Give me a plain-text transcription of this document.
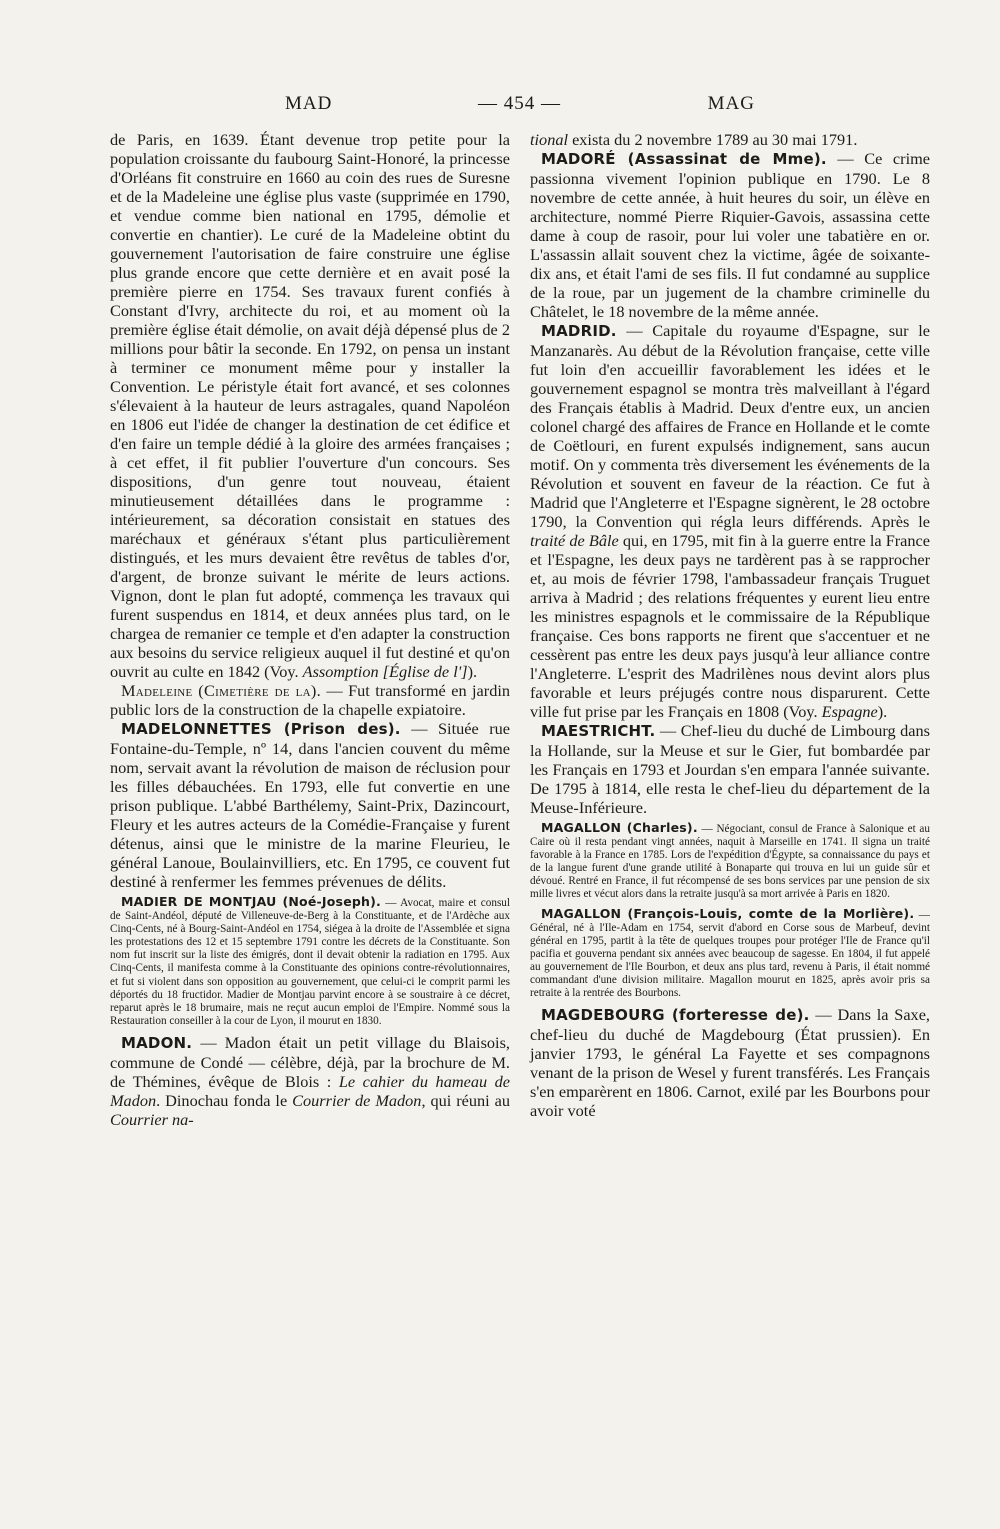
MAD	— 454 —	MAG

de Paris, en 1639. Étant devenue trop petite pour la population croissante du faubourg Saint-Honoré, la princesse d'Orléans fit construire en 1660 au coin des rues de Suresne et de la Madeleine une église plus vaste (supprimée en 1790, et vendue comme bien national en 1795, démolie et convertie en chantier). Le curé de la Madeleine obtint du gouvernement l'autorisation de faire construire une église plus grande encore que cette dernière et en avait posé la première pierre en 1754. Ses travaux furent confiés à Constant d'Ivry, architecte du roi, et au moment où la première église était démolie, on avait déjà dépensé plus de 2 millions pour bâtir la seconde. En 1792, on pensa un instant à terminer ce monument même pour y installer la Convention. Le péristyle était fort avancé, et ses colonnes s'élevaient à la hauteur de leurs astragales, quand Napoléon en 1806 eut l'idée de changer la destination de cet édifice et d'en faire un temple dédié à la gloire des armées françaises ; à cet effet, il fit publier l'ouverture d'un concours. Ses dispositions, d'un genre tout nouveau, étaient minutieusement détaillées dans le programme : intérieurement, sa décoration consistait en statues des maréchaux et généraux s'étant plus particulièrement distingués, et les murs devaient être revêtus de tables d'or, d'argent, de bronze suivant le mérite de leurs actions. Vignon, dont le plan fut adopté, commença les travaux qui furent suspendus en 1814, et deux années plus tard, on le chargea de remanier ce temple et d'en adapter la construction aux besoins du service religieux auquel il fut destiné et qu'on ouvrit au culte en 1842 (Voy. Assomption [Église de l']).

Madeleine (Cimetière de la). — Fut transformé en jardin public lors de la construction de la chapelle expiatoire.

MADELONNETTES (Prison des). — Située rue Fontaine-du-Temple, nº 14, dans l'ancien couvent du même nom, servait avant la révolution de maison de réclusion pour les filles débauchées. En 1793, elle fut convertie en une prison publique. L'abbé Barthélemy, Saint-Prix, Dazincourt, Fleury et les autres acteurs de la Comédie-Française y furent détenus, ainsi que le ministre de la marine Fleurieu, le général Lanoue, Boulainvilliers, etc. En 1795, ce couvent fut destiné à renfermer les femmes prévenues de délits.

MADIER DE MONTJAU (Noé-Joseph). — Avocat, maire et consul de Saint-Andéol, député de Villeneuve-de-Berg à la Constituante, et de l'Ardèche aux Cinq-Cents, né à Bourg-Saint-Andéol en 1754, siégea à la droite de l'Assemblée et signa les protestations des 12 et 15 septembre 1791 contre les décrets de la Constituante. Son nom fut inscrit sur la liste des émigrés, dont il devait obtenir la radiation en 1795. Aux Cinq-Cents, il manifesta comme à la Constituante des opinions contre-révolutionnaires, et fut si violent dans son opposition au gouvernement, que celui-ci le comprit parmi les déportés du 18 fructidor. Madier de Montjau parvint encore à se soustraire à ce décret, reparut après le 18 brumaire, mais ne reçut aucun emploi de l'Empire. Nommé sous la Restauration conseiller à la cour de Lyon, il mourut en 1830.

MADON. — Madon était un petit village du Blaisois, commune de Condé — célèbre, déjà, par la brochure de M. de Thémines, évêque de Blois : Le cahier du hameau de Madon. Dinochau fonda le Courrier de Madon, qui réuni au Courrier na-

tional exista du 2 novembre 1789 au 30 mai 1791.

MADORÉ (Assassinat de Mme). — Ce crime passionna vivement l'opinion publique en 1790. Le 8 novembre de cette année, à huit heures du soir, un élève en architecture, nommé Pierre Riquier-Gavois, assassina cette dame à coup de rasoir, pour lui voler une tabatière en or. L'assassin allait souvent chez la victime, âgée de soixante-dix ans, et était l'ami de ses fils. Il fut condamné au supplice de la roue, par un jugement de la chambre criminelle du Châtelet, le 18 novembre de la même année.

MADRID. — Capitale du royaume d'Espagne, sur le Manzanarès. Au début de la Révolution française, cette ville fut loin d'en accueillir favorablement les idées et le gouvernement espagnol se montra très malveillant à l'égard des Français établis à Madrid. Deux d'entre eux, un ancien colonel chargé des affaires de France en Hollande et le comte de Coëtlouri, en furent expulsés indignement, sans aucun motif. On y commenta très diversement les événements de la Révolution et souvent en faveur de la réaction. Ce fut à Madrid que l'Angleterre et l'Espagne signèrent, le 28 octobre 1790, la Convention qui régla leurs différends. Après le traité de Bâle qui, en 1795, mit fin à la guerre entre la France et l'Espagne, les deux pays ne tardèrent pas à se rapprocher et, au mois de février 1798, l'ambassadeur français Truguet arriva à Madrid ; des relations fréquentes y eurent lieu entre les ministres espagnols et le commissaire de la République française. Ces bons rapports ne firent que s'accentuer et ne cessèrent pas entre les deux pays jusqu'à leur alliance contre l'Angleterre. L'esprit des Madrilènes nous devint alors plus favorable et leurs préjugés contre nous disparurent. Cette ville fut prise par les Français en 1808 (Voy. Espagne).

MAESTRICHT. — Chef-lieu du duché de Limbourg dans la Hollande, sur la Meuse et sur le Gier, fut bombardée par les Français en 1793 et Jourdan s'en empara l'année suivante. De 1795 à 1814, elle resta le chef-lieu du département de la Meuse-Inférieure.

MAGALLON (Charles). — Négociant, consul de France à Salonique et au Caire où il resta pendant vingt années, naquit à Marseille en 1741. Il signa un traité favorable à la France en 1785. Lors de l'expédition d'Égypte, sa connaissance du pays et de la langue furent d'une grande utilité à Bonaparte qui trouva en lui un guide sûr et dévoué. Rentré en France, il fut récompensé de ses bons services par une pension de six mille livres et vécut alors dans la retraite jusqu'à sa mort arrivée à Paris en 1820.

MAGALLON (François-Louis, comte de la Morlière). — Général, né à l'Ile-Adam en 1754, servit d'abord en Corse sous de Marbeuf, devint général en 1795, partit à la tête de quelques troupes pour protéger l'Ile de France qu'il pacifia et gouverna pendant six années avec beaucoup de sagesse. En 1804, il fut appelé au gouvernement de l'Ile Bourbon, et deux ans plus tard, revenu à Paris, il était nommé commandant d'une division militaire. Magallon mourut en 1825, après avoir pris sa retraite à la rentrée des Bourbons.

MAGDEBOURG (forteresse de). — Dans la Saxe, chef-lieu du duché de Magdebourg (État prussien). En janvier 1793, le général La Fayette et ses compagnons venant de la prison de Wesel y furent transférés. Les Français s'en emparèrent en 1806. Carnot, exilé par les Bourbons pour avoir voté
